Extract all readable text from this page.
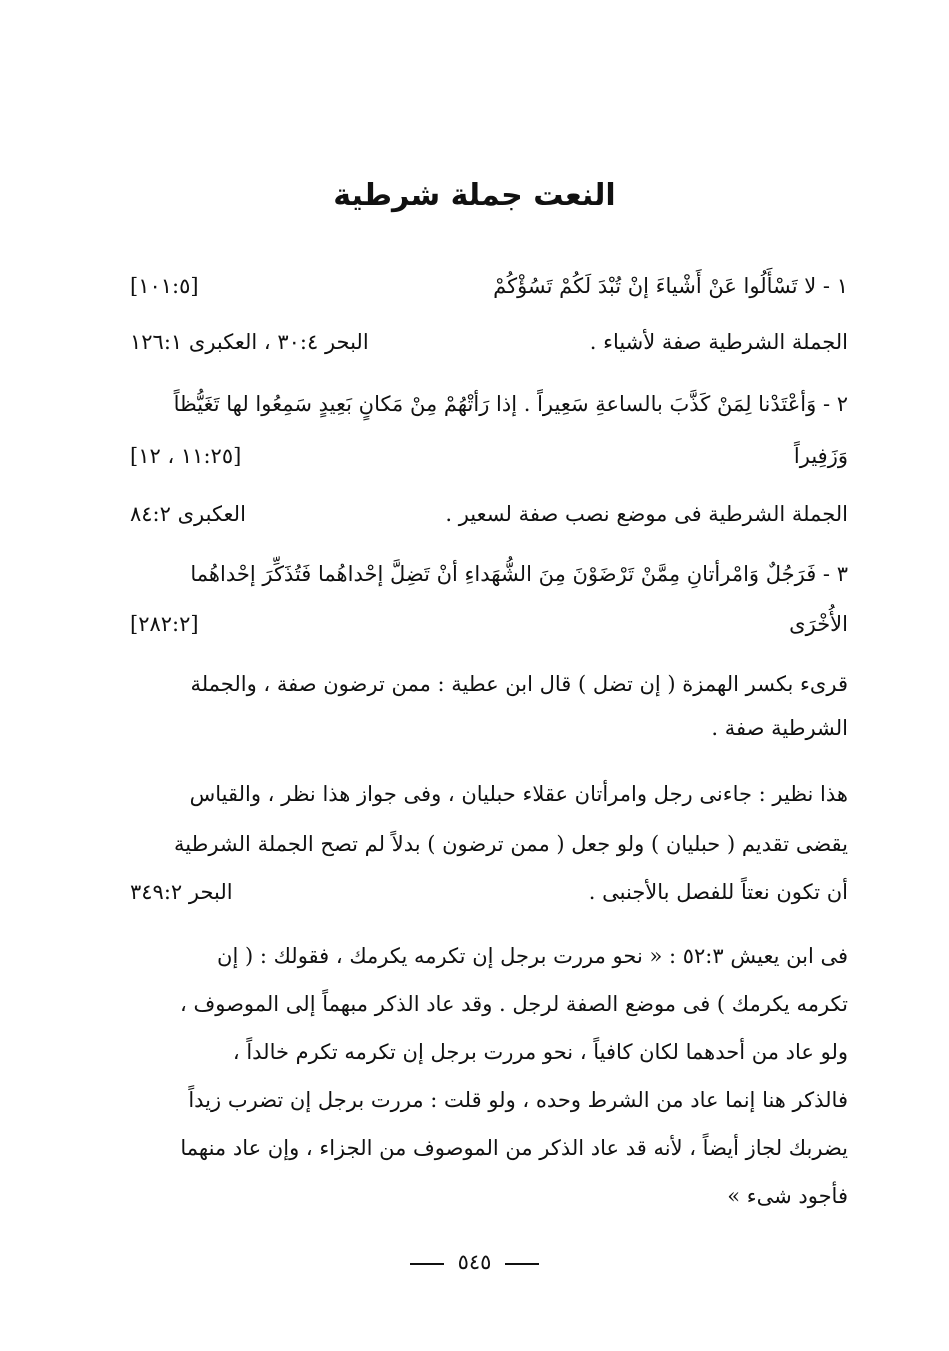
النعت جملة شرطية
١ - لا تَسْأَلُوا عَنْ أَشْياءَ إنْ تُبْدَ لَكُمْ تَسُؤْكُمْ
[١٠١:٥]
الجملة الشرطية صفة لأشياء .
البحر ٣٠:٤ ، العكبرى ١٢٦:١
٢ - وَأعْتَدْنا لِمَنْ كَذَّبَ بالساعةِ سَعِيراً . إذا رَأتْهُمْ مِنْ مَكانٍ بَعِيدٍ سَمِعُوا لها تَغَيُّظاً
وَزَفِيراً
[١١:٢٥ ، ١٢]
الجملة الشرطية فى موضع نصب صفة لسعير .
العكبرى ٨٤:٢
٣ - فَرَجُلٌ وَامْرأتانِ مِمَّنْ تَرْضَوْنَ مِنَ الشُّهَداءِ أنْ تَضِلَّ إحْداهُما فَتُذَكِّرَ إحْداهُما
الأُخْرَى
[٢٨٢:٢]
قرىء بكسر الهمزة ( إن تضل ) قال ابن عطية : ممن ترضون صفة ، والجملة
الشرطية صفة .
هذا نظير : جاءنى رجل وامرأتان عقلاء حبليان ، وفى جواز هذا نظر ، والقياس
يقضى تقديم ( حبليان ) ولو جعل ( ممن ترضون ) بدلاً لم تصح الجملة الشرطية
أن تكون نعتاً للفصل بالأجنبى .
البحر ٣٤٩:٢
فى ابن يعيش ٥٢:٣ : « نحو مررت برجل إن تكرمه يكرمك ، فقولك : ( إن
تكرمه يكرمك ) فى موضع الصفة لرجل . وقد عاد الذكر مبهماً إلى الموصوف ،
ولو عاد من أحدهما لكان كافياً ، نحو مررت برجل إن تكرمه تكرم خالداً ،
فالذكر هنا إنما عاد من الشرط وحده ، ولو قلت : مررت برجل إن تضرب زيداً
يضربك لجاز أيضاً ، لأنه قد عاد الذكر من الموصوف من الجزاء ، وإن عاد منهما
فأجود شىء »
٥٤٥
